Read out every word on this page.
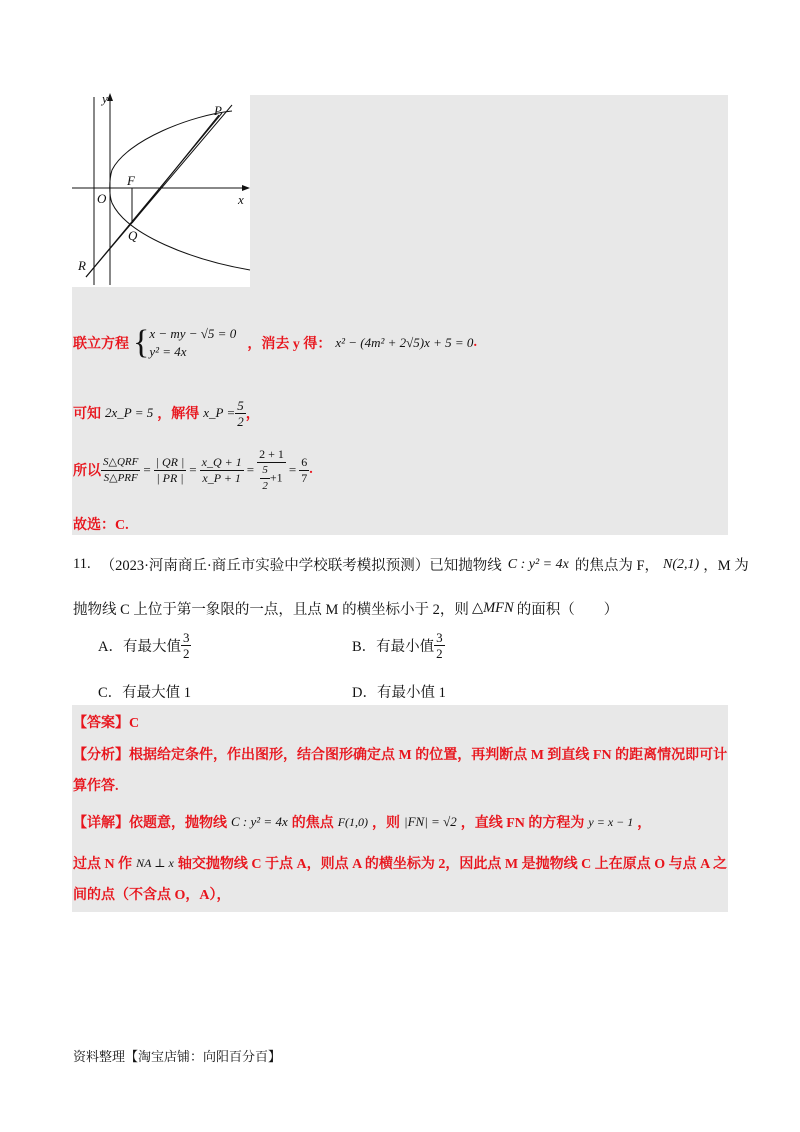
y
x
O
F
P
Q
R
联立方程 { x − my − √5 = 0
y² = 4x	，消去 y 得： x² − (4m² + 2√5)x + 5 = 0 .
可知 2x_P = 5 ，解得 x_P = $\frac{5}{2}$ ，
所以 $\frac{\text{S△QRF}}{\text{S△PRF}} = \frac{| QR |}{| PR |} = \frac{x\_Q + 1}{x\_P + 1} = \frac{2 + 1}{\frac{5}{2} +1} = \frac{6}{7}$ .
故选：C.
11. （2023·河南商丘·商丘市实验中学校联考模拟预测）已知抛物线 C : y² = 4x 的焦点为 F， N(2,1) ，M 为
抛物线 C 上位于第一象限的一点，且点 M 的横坐标小于 2，则 △MFN 的面积（　　）
A．有最大值 $\frac{3}{2}$	B．有最小值 $\frac{3}{2}$
C．有最大值 1	D．有最小值 1
【答案】C
【分析】根据给定条件，作出图形，结合图形确定点 M 的位置，再判断点 M 到直线 FN 的距离情况即可计
算作答.
【详解】依题意，抛物线 C : y² = 4x 的焦点 F(1,0) ，则 |FN| = √2 ，直线 FN 的方程为 y = x − 1 ，
过点 N 作 NA ⊥ x 轴交抛物线 C 于点 A，则点 A 的横坐标为 2，因此点 M 是抛物线 C 上在原点 O 与点 A 之
间的点（不含点 O，A），
资料整理【淘宝店铺：向阳百分百】
